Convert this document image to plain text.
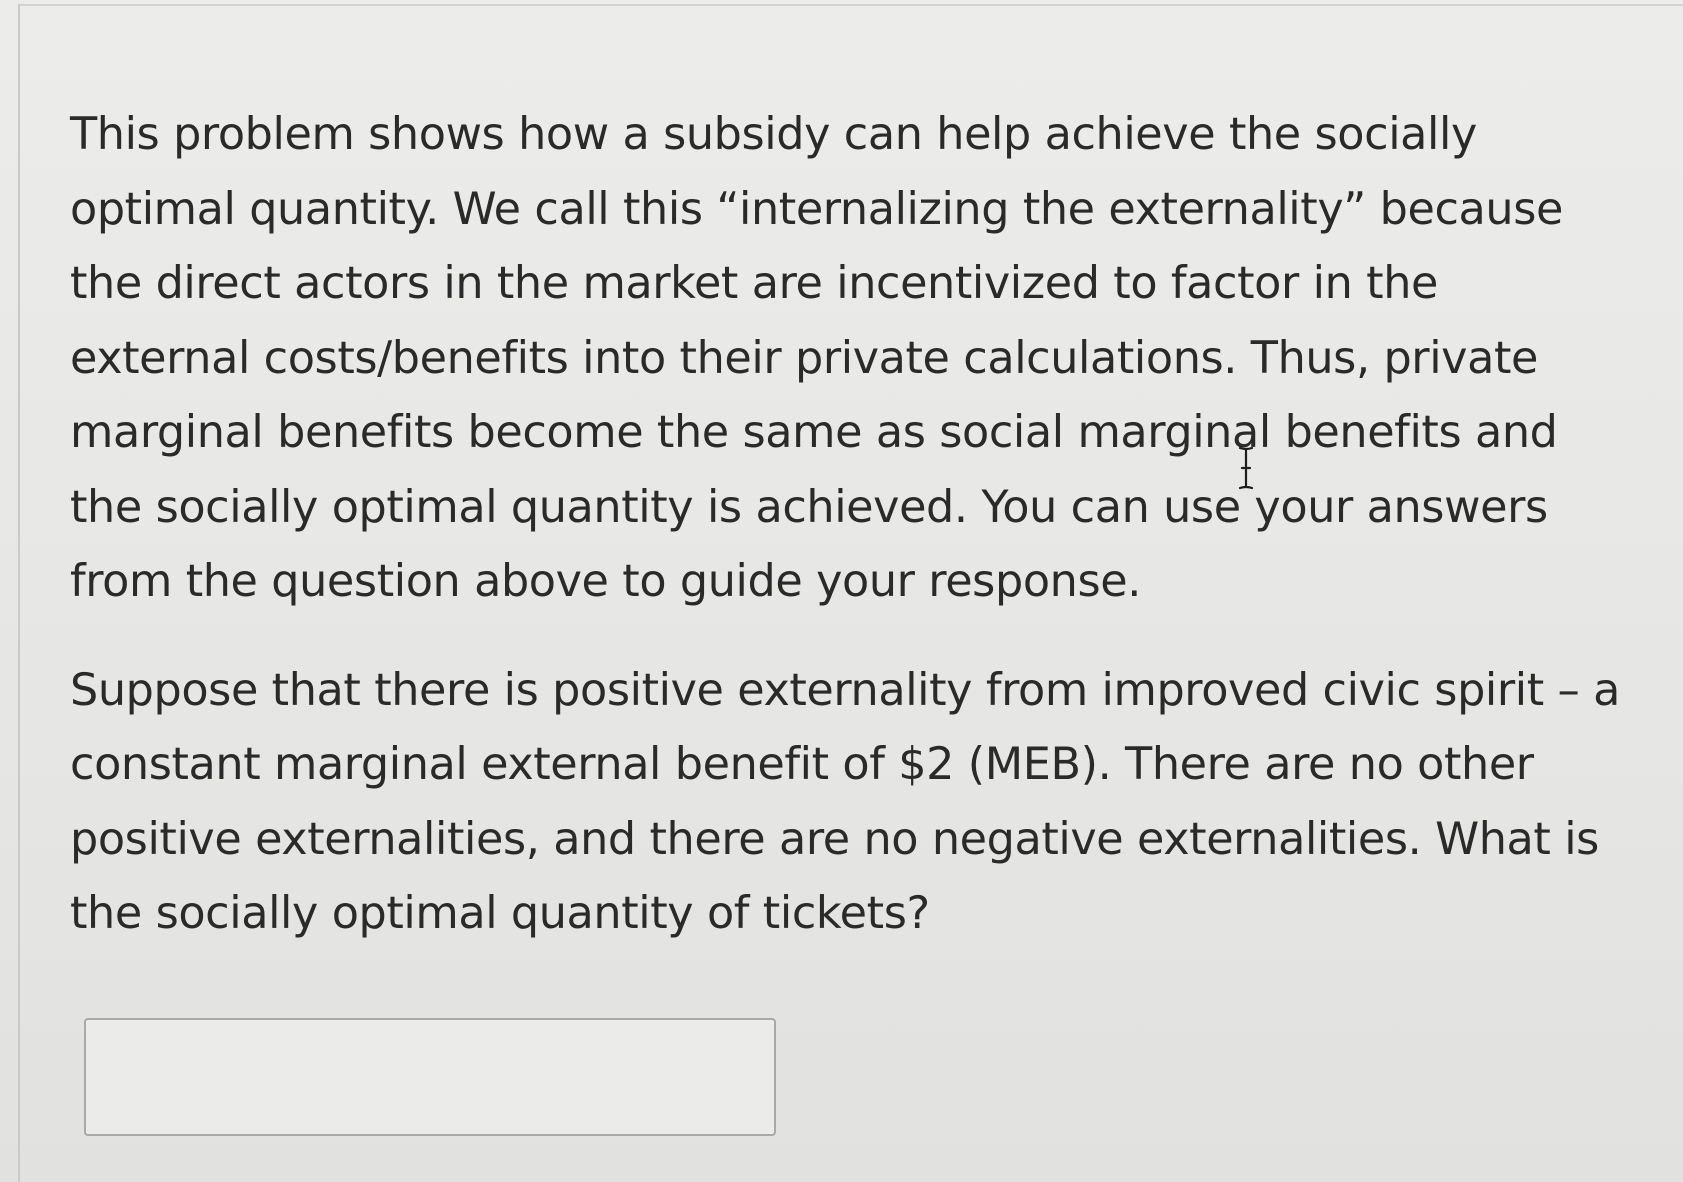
This problem shows how a subsidy can help achieve the socially optimal quantity. We call this “internalizing the externality” because the direct actors in the market are incentivized to factor in the external costs/benefits into their private calculations. Thus, private marginal benefits become the same as social marginal benefits and the socially optimal quantity is achieved. You can use your answers from the question above to guide your response.

Suppose that there is positive externality from improved civic spirit – a constant marginal external benefit of $2 (MEB). There are no other positive externalities, and there are no negative externalities. What is the socially optimal quantity of tickets?
